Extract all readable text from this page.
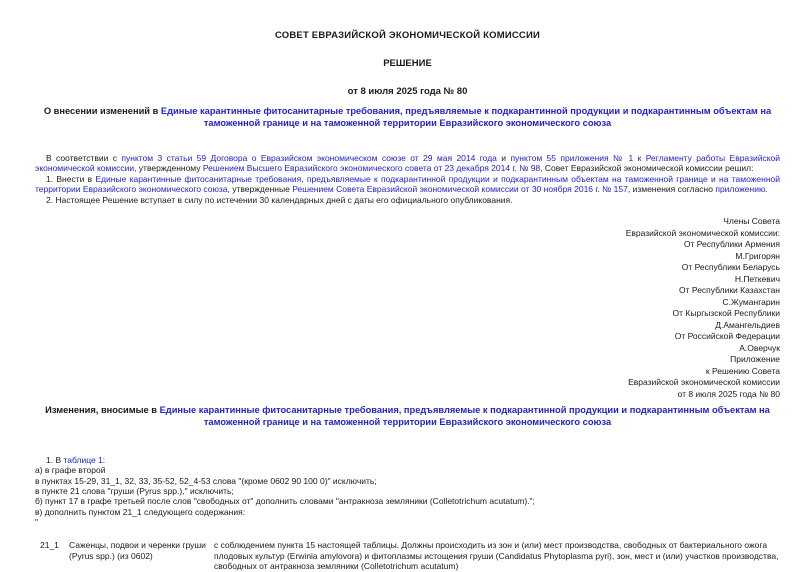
СОВЕТ ЕВРАЗИЙСКОЙ ЭКОНОМИЧЕСКОЙ КОМИССИИ
РЕШЕНИЕ
от 8 июля 2025 года № 80
О внесении изменений в Единые карантинные фитосанитарные требования, предъявляемые к подкарантинной продукции и подкарантинным объектам на таможенной границе и на таможенной территории Евразийского экономического союза

В соответствии с пунктом 3 статьи 59 Договора о Евразийском экономическом союзе от 29 мая 2014 года и пунктом 55 приложения № 1 к Регламенту работы Евразийской экономической комиссии, утвержденному Решением Высшего Евразийского экономического совета от 23 декабря 2014 г. № 98, Совет Евразийской экономической комиссии решил:

1. Внести в Единые карантинные фитосанитарные требования, предъявляемые к подкарантинной продукции и подкарантинным объектам на таможенной границе и на таможенной территории Евразийского экономического союза, утвержденные Решением Совета Евразийской экономической комиссии от 30 ноября 2016 г. № 157, изменения согласно приложению.

2. Настоящее Решение вступает в силу по истечении 30 календарных дней с даты его официального опубликования.

Члены Совета
Евразийской экономической комиссии:
От Республики Армения
М.Григорян
От Республики Беларусь
Н.Петкевич
От Республики Казахстан
С.Жумангарин
От Кыргызской Республики
Д.Амангельдиев
От Российской Федерации
А.Оверчук
Приложение
к Решению Совета
Евразийской экономической комиссии
от 8 июля 2025 года № 80
Изменения, вносимые в Единые карантинные фитосанитарные требования, предъявляемые к подкарантинной продукции и подкарантинным объектам на таможенной границе и на таможенной территории Евразийского экономического союза

1. В таблице 1:

а) в графе второй
в пунктах 15-29, 31_1, 32, 33, 35-52, 52_4-53 слова "(кроме 0602 90 100 0)" исключить;
в пункте 21 слова "груши (Pyrus spp.)," исключить;
б) пункт 17 в графе третьей после слов "свободных от" дополнить словами "антракноза земляники (Colletotrichum acutatum).";
в) дополнить пунктом 21_1 следующего содержания:
"
21_1	Саженцы, подвои и черенки груши (Pyrus spp.) (из 0602)
с соблюдением пункта 15 настоящей таблицы. Должны происходить из зон и (или) мест производства, свободных от бактериального ожога плодовых культур (Erwinia amylovora) и фитоплазмы истощения груши (Candidatus Phytoplasma pyri), зон, мест и (или) участков производства, свободных от антракноза земляники (Colletotrichum acutatum)
